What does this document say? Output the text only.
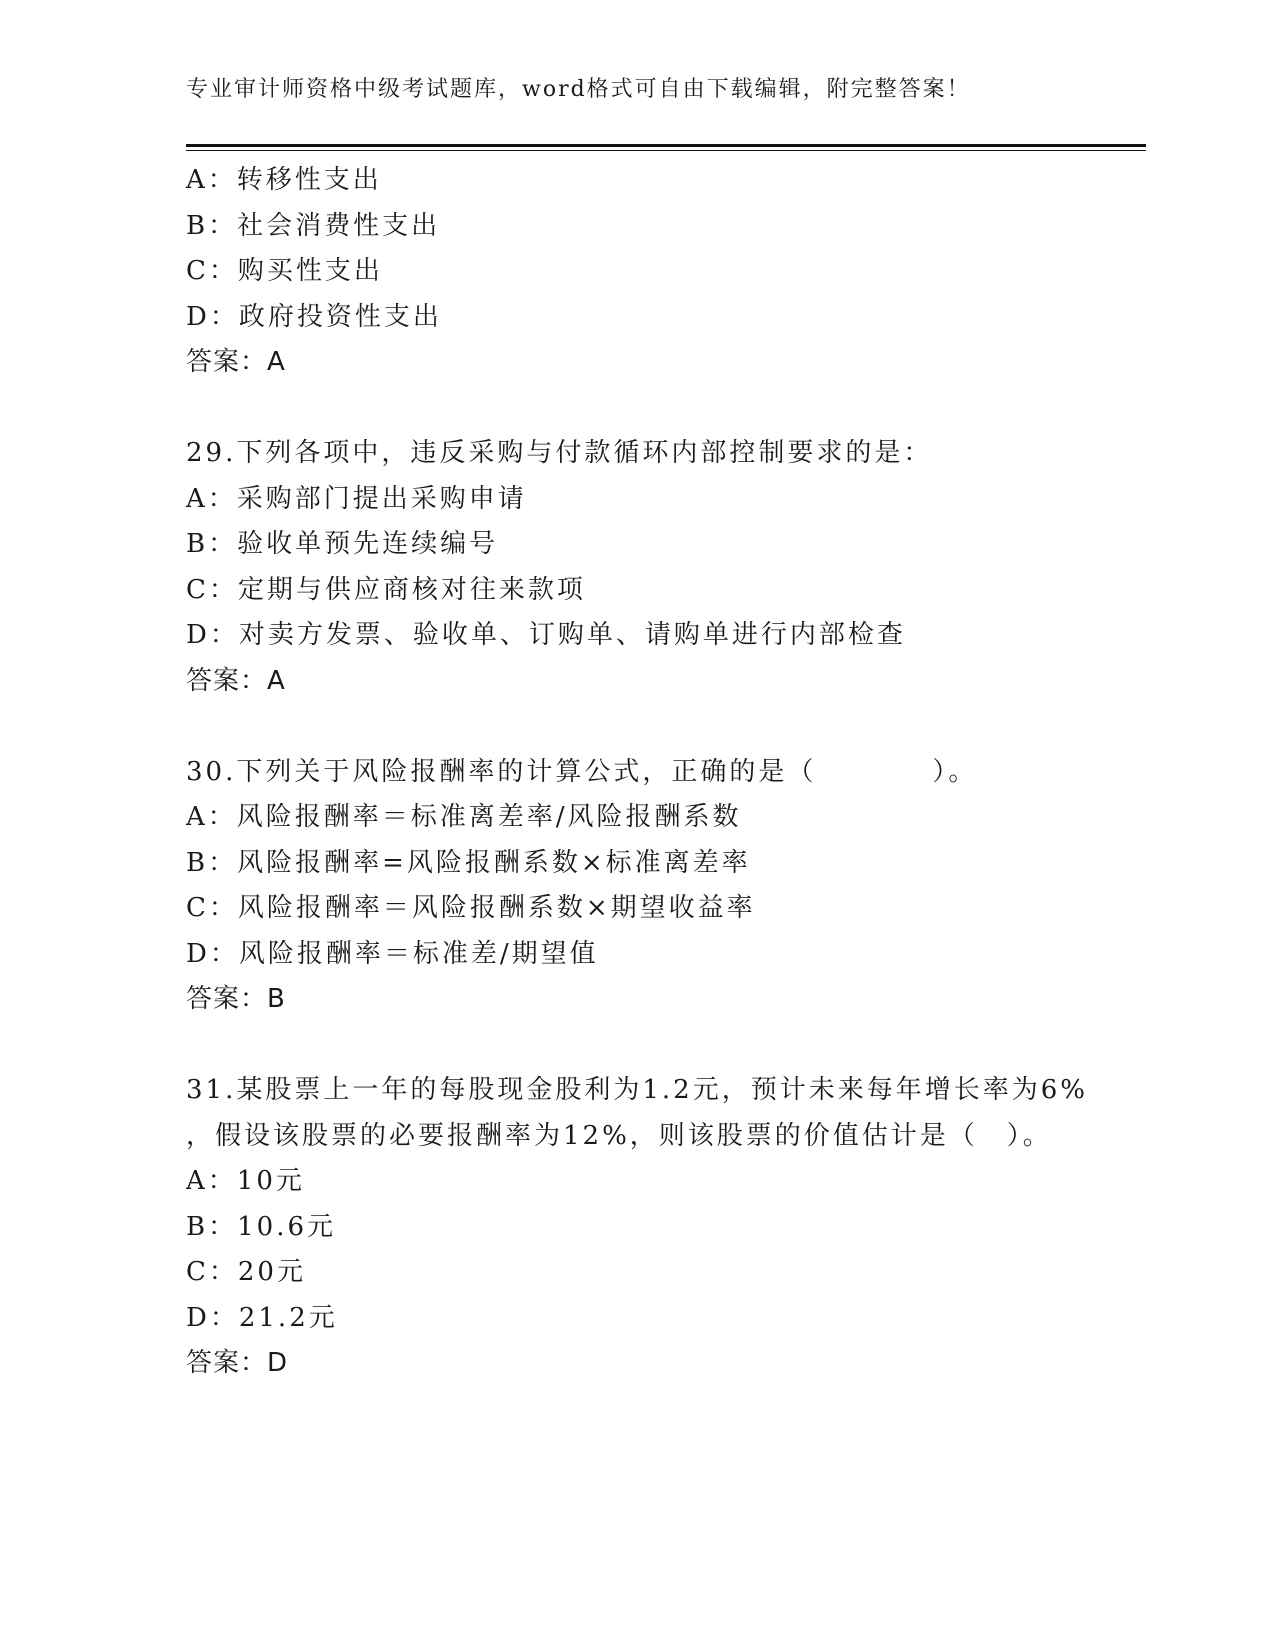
专业审计师资格中级考试题库，word格式可自由下载编辑，附完整答案！
A：转移性支出
B：社会消费性支出
C：购买性支出
D：政府投资性支出
答案：A
29.下列各项中，违反采购与付款循环内部控制要求的是：
A：采购部门提出采购申请
B：验收单预先连续编号
C：定期与供应商核对往来款项
D：对卖方发票、验收单、订购单、请购单进行内部检查
答案：A
30.下列关于风险报酬率的计算公式，正确的是（　　　　）。
A：风险报酬率＝标准离差率/风险报酬系数
B：风险报酬率=风险报酬系数×标准离差率
C：风险报酬率＝风险报酬系数×期望收益率
D：风险报酬率＝标准差/期望值
答案：B
31.某股票上一年的每股现金股利为1.2元，预计未来每年增长率为6%
，假设该股票的必要报酬率为12%，则该股票的价值估计是（　）。
A：10元
B：10.6元
C：20元
D：21.2元
答案：D
